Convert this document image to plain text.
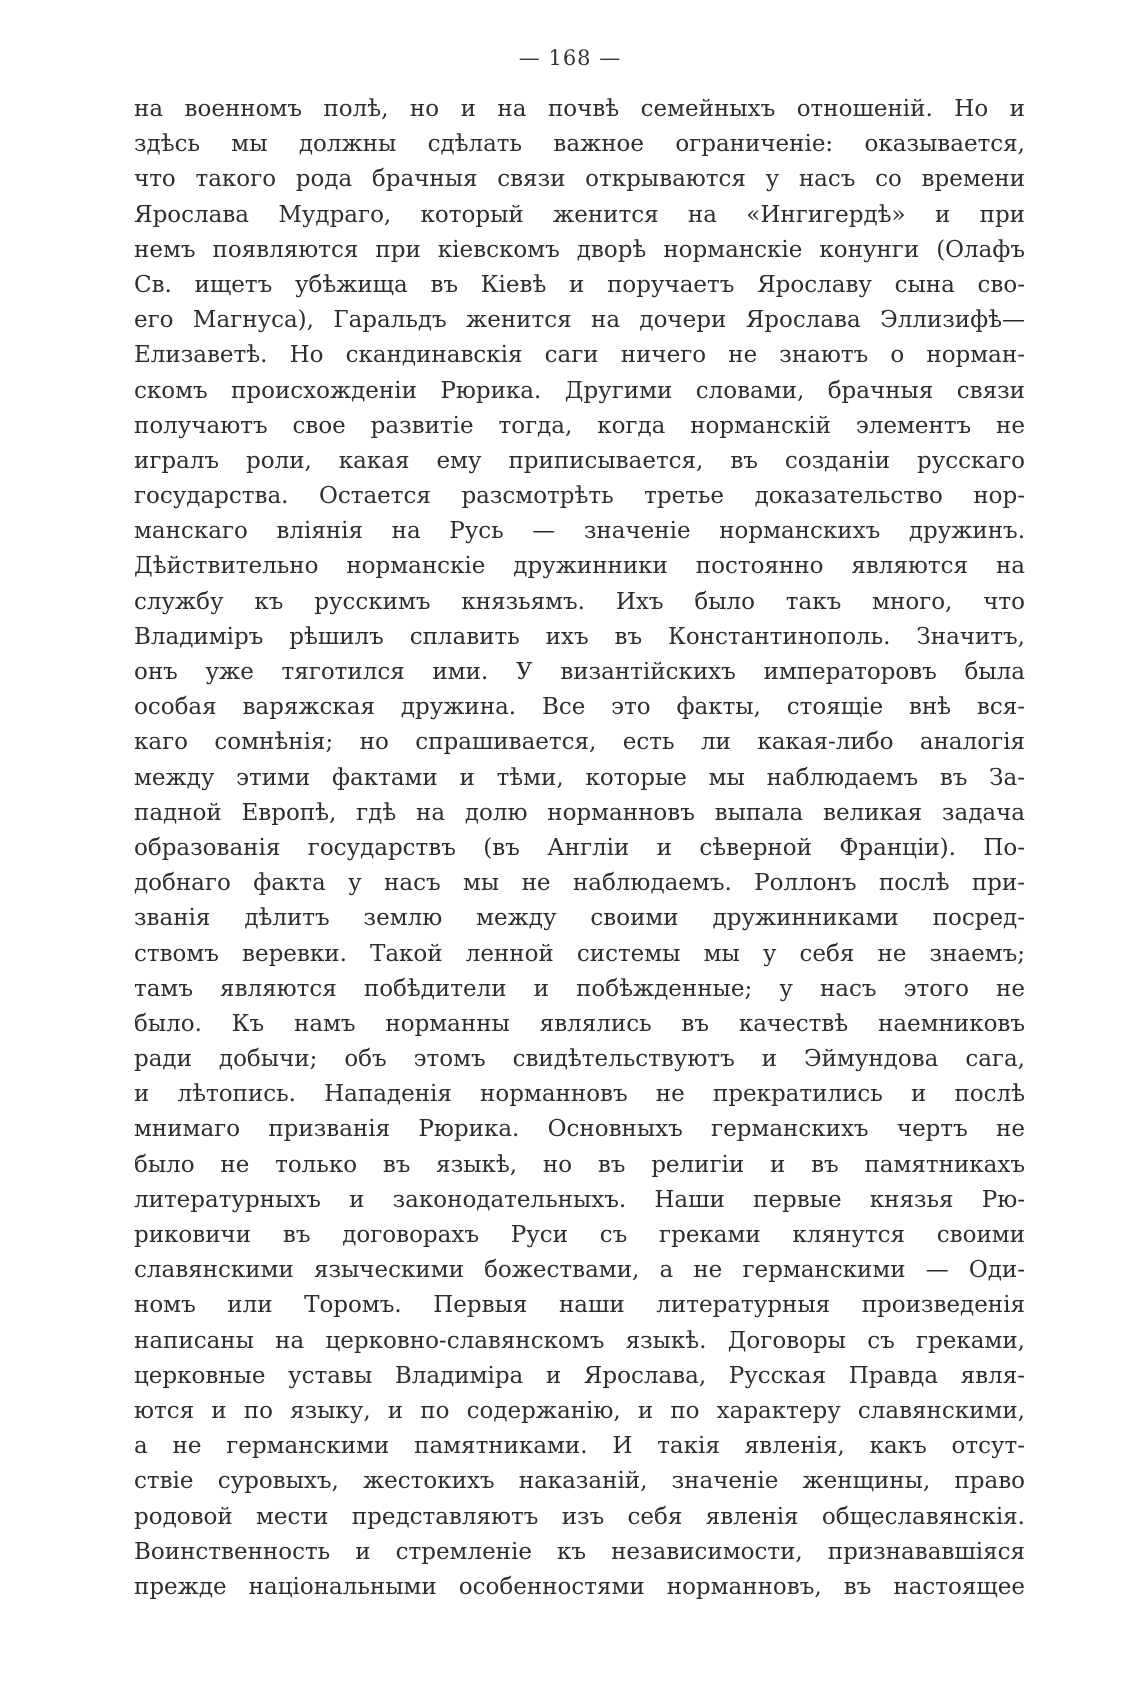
— 168 —
на военномъ полѣ, но и на почвѣ семейныхъ отношеній. Но и
здѣсь мы должны сдѣлать важное ограниченіе: оказывается,
что такого рода брачныя связи открываются у насъ со времени
Ярослава Мудраго, который женится на «Ингигердѣ» и при
немъ появляются при кіевскомъ дворѣ норманскіе конунги (Олафъ
Св. ищетъ убѣжища въ Кіевѣ и поручаетъ Ярославу сына сво-
его Магнуса), Гаральдъ женится на дочери Ярослава Эллизифѣ—
Елизаветѣ. Но скандинавскія саги ничего не знаютъ о норман-
скомъ происхожденіи Рюрика. Другими словами, брачныя связи
получаютъ свое развитіе тогда, когда норманскій элементъ не
игралъ роли, какая ему приписывается, въ созданіи русскаго
государства. Остается разсмотрѣть третье доказательство нор-
манскаго вліянія на Русь — значеніе норманскихъ дружинъ.
Дѣйствительно норманскіе дружинники постоянно являются на
службу къ русскимъ князьямъ. Ихъ было такъ много, что
Владиміръ рѣшилъ сплавить ихъ въ Константинополь. Значитъ,
онъ уже тяготился ими. У византійскихъ императоровъ была
особая варяжская дружина. Все это факты, стоящіе внѣ вся-
каго сомнѣнія; но спрашивается, есть ли какая-либо аналогія
между этими фактами и тѣми, которые мы наблюдаемъ въ За-
падной Европѣ, гдѣ на долю норманновъ выпала великая задача
образованія государствъ (въ Англіи и сѣверной Франціи). По-
добнаго факта у насъ мы не наблюдаемъ. Роллонъ послѣ при-
званія дѣлитъ землю между своими дружинниками посред-
ствомъ веревки. Такой ленной системы мы у себя не знаемъ;
тамъ являются побѣдители и побѣжденные; у насъ этого не
было. Къ намъ норманны являлись въ качествѣ наемниковъ
ради добычи; объ этомъ свидѣтельствуютъ и Эймундова сага,
и лѣтопись. Нападенія норманновъ не прекратились и послѣ
мнимаго призванія Рюрика. Основныхъ германскихъ чертъ не
было не только въ языкѣ, но въ религіи и въ памятникахъ
литературныхъ и законодательныхъ. Наши первые князья Рю-
риковичи въ договорахъ Руси съ греками клянутся своими
славянскими языческими божествами, а не германскими — Оди-
номъ или Торомъ. Первыя наши литературныя произведенія
написаны на церковно-славянскомъ языкѣ. Договоры съ греками,
церковные уставы Владиміра и Ярослава, Русская Правда явля-
ются и по языку, и по содержанію, и по характеру славянскими,
а не германскими памятниками. И такія явленія, какъ отсут-
ствіе суровыхъ, жестокихъ наказаній, значеніе женщины, право
родовой мести представляютъ изъ себя явленія общеславянскія.
Воинственность и стремленіе къ независимости, признававшіяся
прежде національными особенностями норманновъ, въ настоящее
